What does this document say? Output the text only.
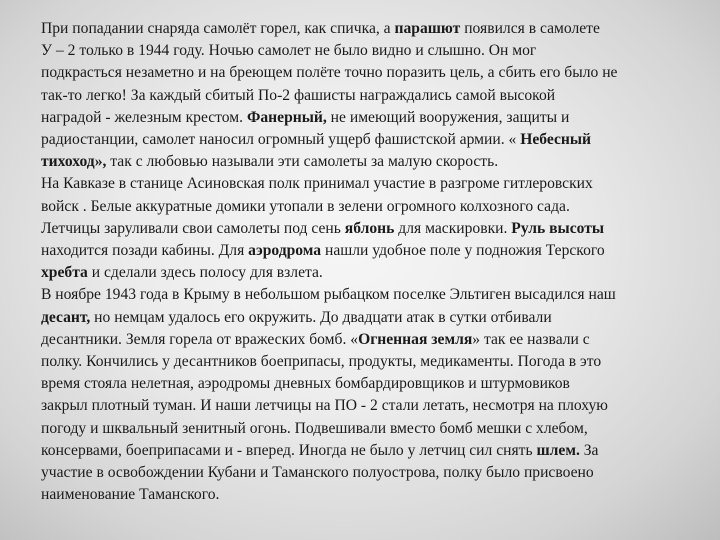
При попадании снаряда самолёт горел, как спичка, а парашют появился в самолете
У – 2 только в 1944 году. Ночью самолет не было видно и слышно. Он мог
подкрасться незаметно и на бреющем полёте точно поразить цель, а сбить его было не
так-то легко! За каждый сбитый По-2 фашисты награждались самой высокой
наградой - железным крестом. Фанерный, не имеющий вооружения, защиты и
радиостанции, самолет наносил огромный ущерб фашистской армии. « Небесный
тихоход», так с любовью называли эти самолеты за малую скорость.
На Кавказе в станице Асиновская полк принимал участие в разгроме гитлеровских
войск . Белые аккуратные домики утопали в зелени огромного колхозного сада.
Летчицы заруливали свои самолеты под сень яблонь для маскировки. Руль высоты
находится позади кабины. Для аэродрома нашли удобное поле у подножия Терского
хребта и сделали здесь полосу для взлета.
В ноябре 1943 года в Крыму в небольшом рыбацком поселке Эльтиген высадился наш
десант, но немцам удалось его окружить. До двадцати атак в сутки отбивали
десантники. Земля горела от вражеских бомб. «Огненная земля» так ее назвали с
полку. Кончились у десантников боеприпасы, продукты, медикаменты. Погода в это
время стояла нелетная, аэродромы дневных бомбардировщиков и штурмовиков
закрыл плотный туман. И наши летчицы на ПО - 2 стали летать, несмотря на плохую
погоду и шквальный зенитный огонь. Подвешивали вместо бомб мешки с хлебом,
консервами, боеприпасами и - вперед. Иногда не было у летчиц сил снять шлем. За
участие в освобождении Кубани и Таманского полуострова, полку было присвоено
наименование Таманского.
